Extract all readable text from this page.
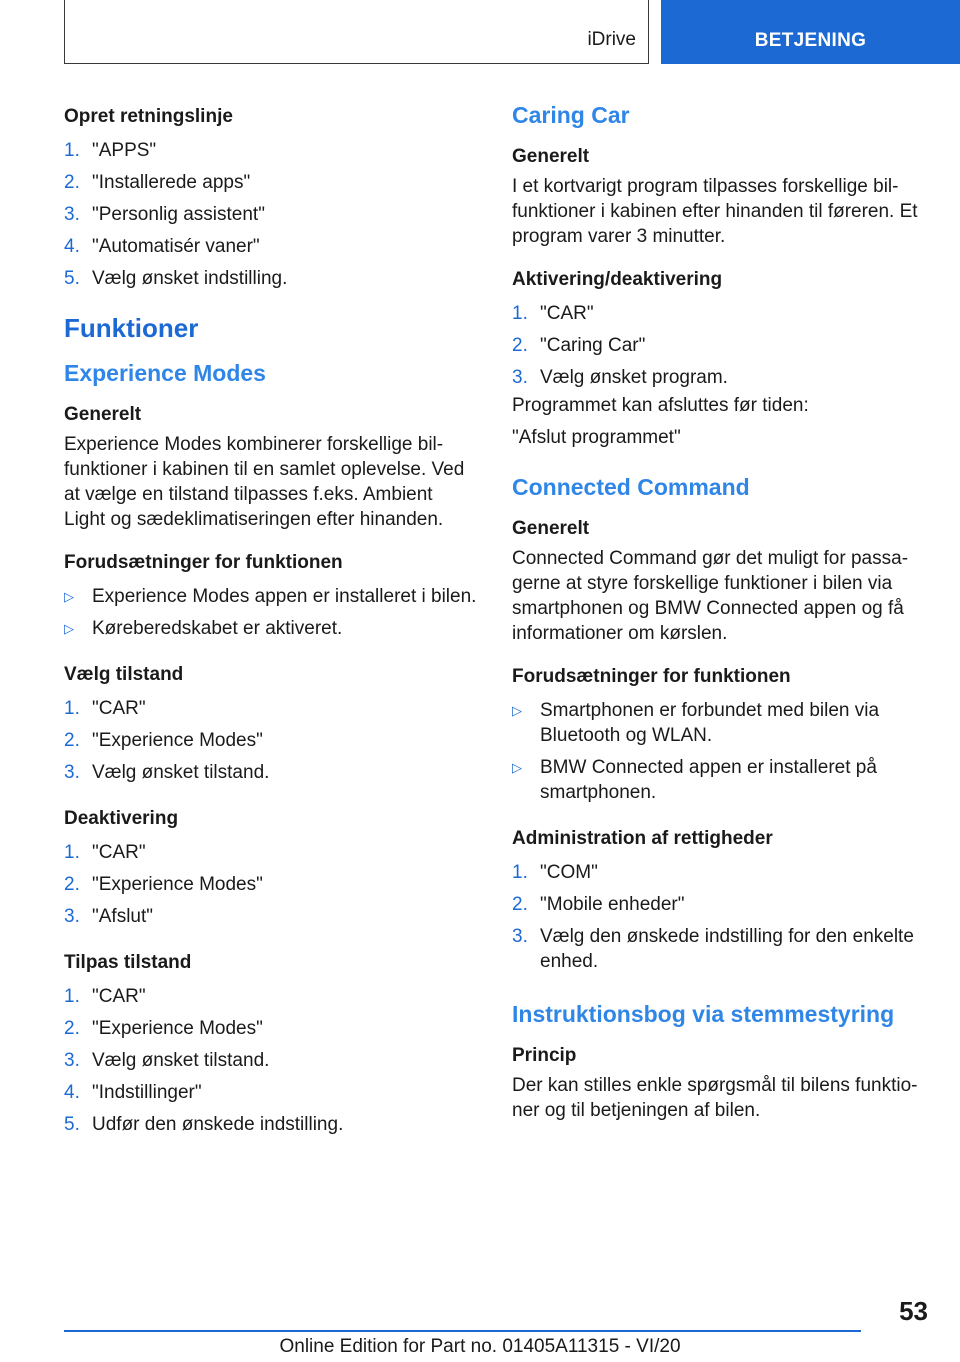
iDrive	BETJENING
Opret retningslinje
1. "APPS"
2. "Installerede apps"
3. "Personlig assistent"
4. "Automatisér vaner"
5. Vælg ønsket indstilling.
Funktioner
Experience Modes
Generelt

Experience Modes kombinerer forskellige bilfunktioner i kabinen til en samlet oplevelse. Ved at vælge en tilstand tilpasses f.eks. Ambient Light og sædeklimatiseringen efter hinanden.

Forudsætninger for funktionen
▷ Experience Modes appen er installeret i bilen.
▷ Køreberedskabet er aktiveret.
Vælg tilstand
1. "CAR"
2. "Experience Modes"
3. Vælg ønsket tilstand.
Deaktivering
1. "CAR"
2. "Experience Modes"
3. "Afslut"
Tilpas tilstand
1. "CAR"
2. "Experience Modes"
3. Vælg ønsket tilstand.
4. "Indstillinger"
5. Udfør den ønskede indstilling.
Caring Car
Generelt

I et kortvarigt program tilpasses forskellige bilfunktioner i kabinen efter hinanden til føreren. Et program varer 3 minutter.

Aktivering/deaktivering
1. "CAR"
2. "Caring Car"
3. Vælg ønsket program.

Programmet kan afsluttes før tiden:

"Afslut programmet"

Connected Command
Generelt

Connected Command gør det muligt for passagerne at styre forskellige funktioner i bilen via smartphonen og BMW Connected appen og få informationer om kørslen.

Forudsætninger for funktionen
▷ Smartphonen er forbundet med bilen via Bluetooth og WLAN.
▷ BMW Connected appen er installeret på smartphonen.
Administration af rettigheder
1. "COM"
2. "Mobile enheder"
3. Vælg den ønskede indstilling for den enkelte enhed.
Instruktionsbog via stemmestyring
Princip

Der kan stilles enkle spørgsmål til bilens funktioner og til betjeningen af bilen.

53
Online Edition for Part no. 01405A11315 - VI/20
